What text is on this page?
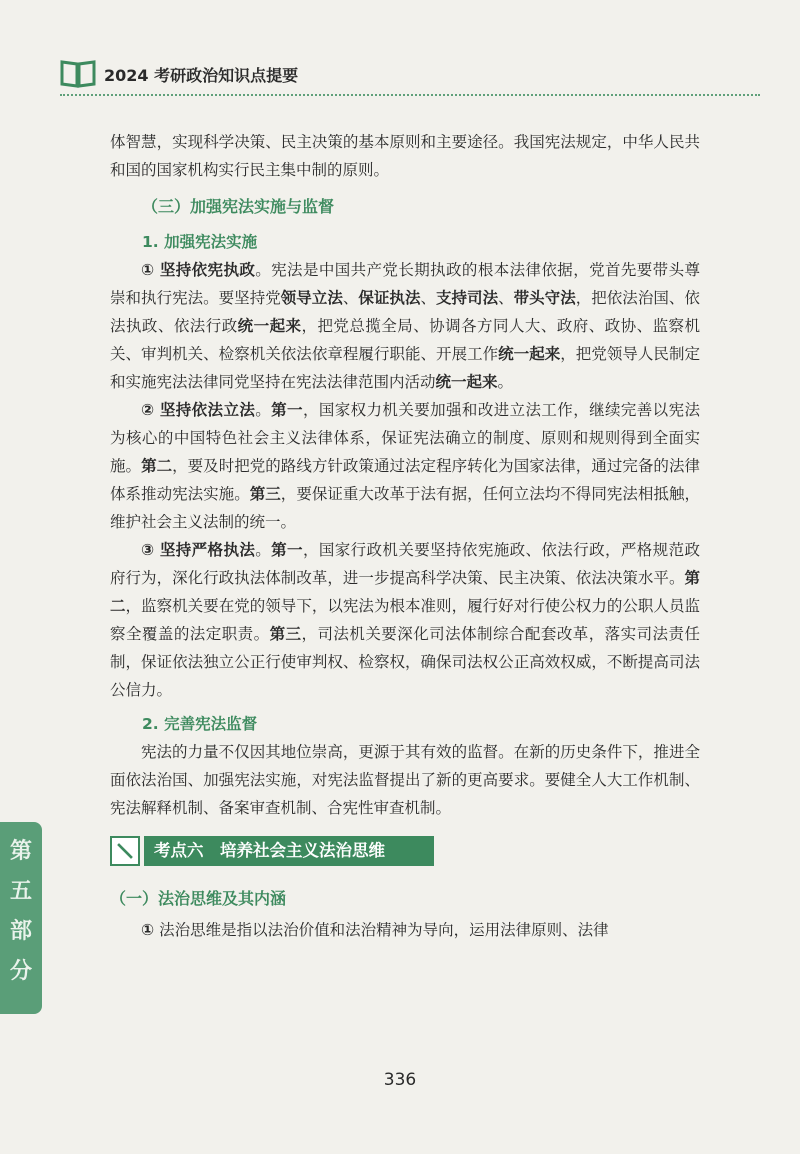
2024 考研政治知识点提要

体智慧，实现科学决策、民主决策的基本原则和主要途径。我国宪法规定，中华人民共和国的国家机构实行民主集中制的原则。

（三）加强宪法实施与监督
1. 加强宪法实施

① 坚持依宪执政。宪法是中国共产党长期执政的根本法律依据，党首先要带头尊崇和执行宪法。要坚持党领导立法、保证执法、支持司法、带头守法，把依法治国、依法执政、依法行政统一起来，把党总揽全局、协调各方同人大、政府、政协、监察机关、审判机关、检察机关依法依章程履行职能、开展工作统一起来，把党领导人民制定和实施宪法法律同党坚持在宪法法律范围内活动统一起来。

② 坚持依法立法。第一，国家权力机关要加强和改进立法工作，继续完善以宪法为核心的中国特色社会主义法律体系，保证宪法确立的制度、原则和规则得到全面实施。第二，要及时把党的路线方针政策通过法定程序转化为国家法律，通过完备的法律体系推动宪法实施。第三，要保证重大改革于法有据，任何立法均不得同宪法相抵触，维护社会主义法制的统一。

③ 坚持严格执法。第一，国家行政机关要坚持依宪施政、依法行政，严格规范政府行为，深化行政执法体制改革，进一步提高科学决策、民主决策、依法决策水平。第二，监察机关要在党的领导下，以宪法为根本准则，履行好对行使公权力的公职人员监察全覆盖的法定职责。第三，司法机关要深化司法体制综合配套改革，落实司法责任制，保证依法独立公正行使审判权、检察权，确保司法权公正高效权威，不断提高司法公信力。

2. 完善宪法监督

宪法的力量不仅因其地位崇高，更源于其有效的监督。在新的历史条件下，推进全面依法治国、加强宪法实施，对宪法监督提出了新的更高要求。要健全人大工作机制、宪法解释机制、备案审查机制、合宪性审查机制。

考点六　培养社会主义法治思维
（一）法治思维及其内涵

① 法治思维是指以法治价值和法治精神为导向，运用法律原则、法律

第五部分
336
